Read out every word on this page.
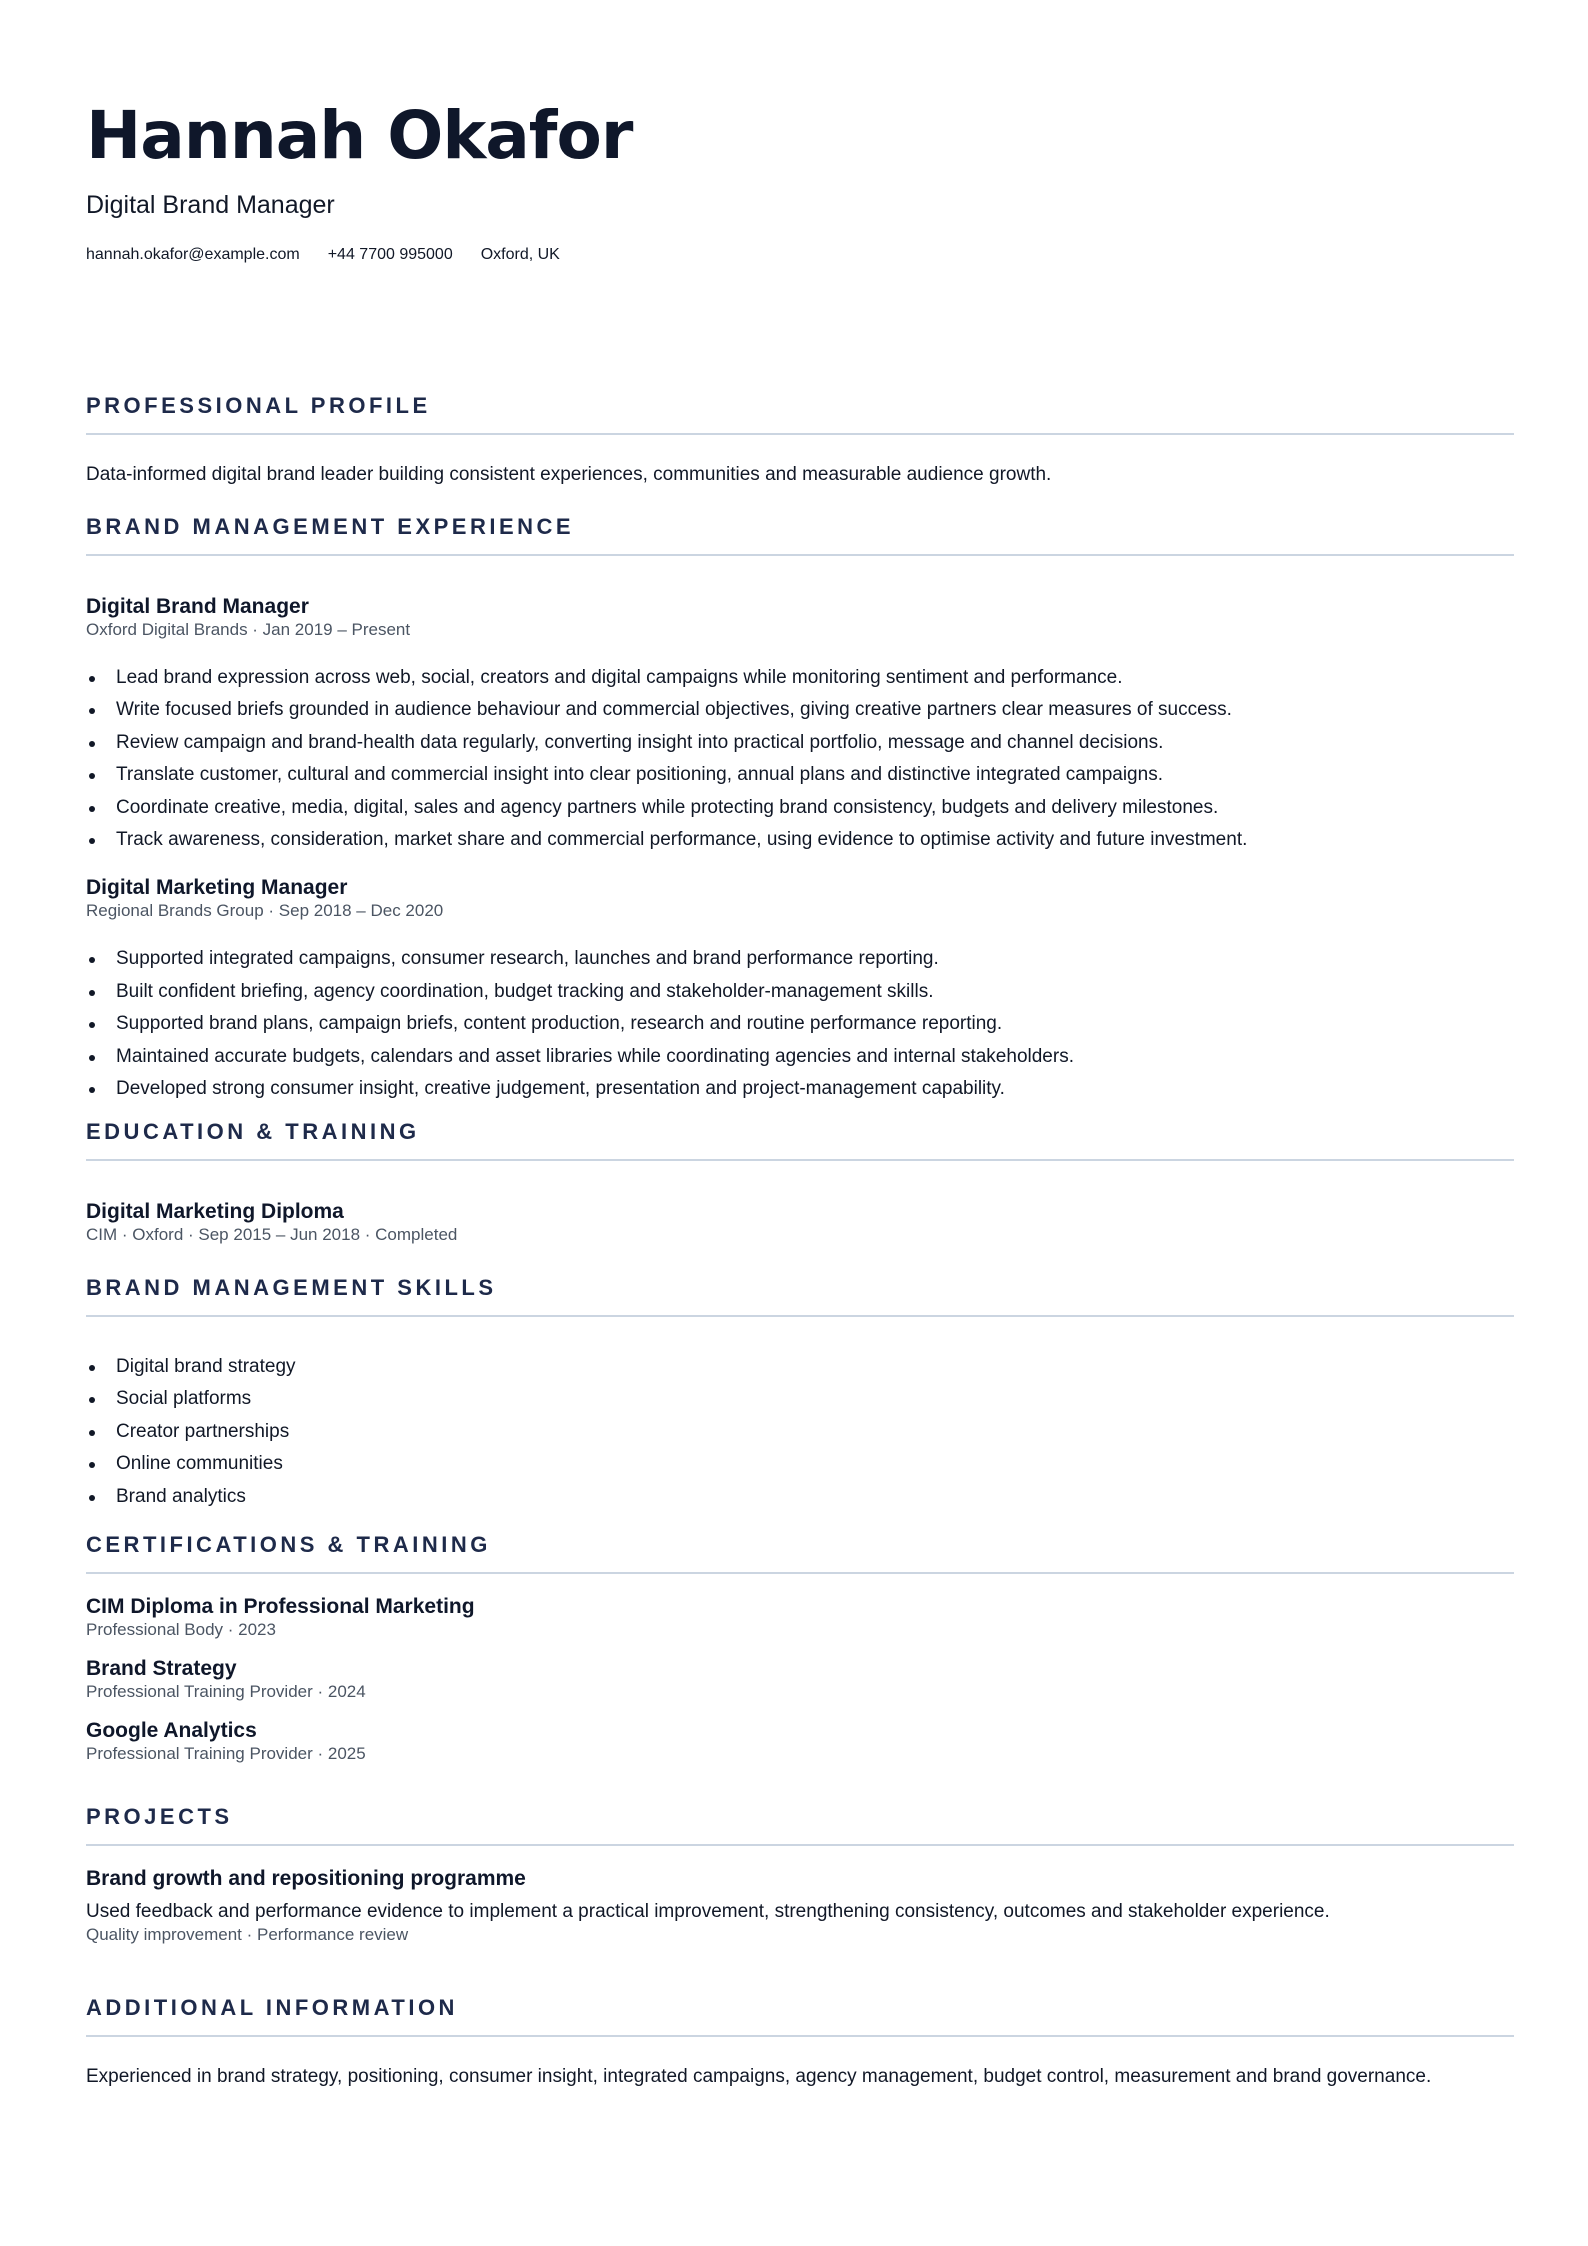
Hannah Okafor
Digital Brand Manager
hannah.okafor@example.com +44 7700 995000 Oxford, UK
PROFESSIONAL PROFILE
Data-informed digital brand leader building consistent experiences, communities and measurable audience growth.
BRAND MANAGEMENT EXPERIENCE
Digital Brand Manager
Oxford Digital Brands · Jan 2019 – Present
Lead brand expression across web, social, creators and digital campaigns while monitoring sentiment and performance.
Write focused briefs grounded in audience behaviour and commercial objectives, giving creative partners clear measures of success.
Review campaign and brand-health data regularly, converting insight into practical portfolio, message and channel decisions.
Translate customer, cultural and commercial insight into clear positioning, annual plans and distinctive integrated campaigns.
Coordinate creative, media, digital, sales and agency partners while protecting brand consistency, budgets and delivery milestones.
Track awareness, consideration, market share and commercial performance, using evidence to optimise activity and future investment.
Digital Marketing Manager
Regional Brands Group · Sep 2018 – Dec 2020
Supported integrated campaigns, consumer research, launches and brand performance reporting.
Built confident briefing, agency coordination, budget tracking and stakeholder-management skills.
Supported brand plans, campaign briefs, content production, research and routine performance reporting.
Maintained accurate budgets, calendars and asset libraries while coordinating agencies and internal stakeholders.
Developed strong consumer insight, creative judgement, presentation and project-management capability.
EDUCATION & TRAINING
Digital Marketing Diploma
CIM · Oxford · Sep 2015 – Jun 2018 · Completed
BRAND MANAGEMENT SKILLS
Digital brand strategy
Social platforms
Creator partnerships
Online communities
Brand analytics
CERTIFICATIONS & TRAINING
CIM Diploma in Professional Marketing
Professional Body · 2023
Brand Strategy
Professional Training Provider · 2024
Google Analytics
Professional Training Provider · 2025
PROJECTS
Brand growth and repositioning programme
Used feedback and performance evidence to implement a practical improvement, strengthening consistency, outcomes and stakeholder experience.
Quality improvement · Performance review
ADDITIONAL INFORMATION
Experienced in brand strategy, positioning, consumer insight, integrated campaigns, agency management, budget control, measurement and brand governance.
